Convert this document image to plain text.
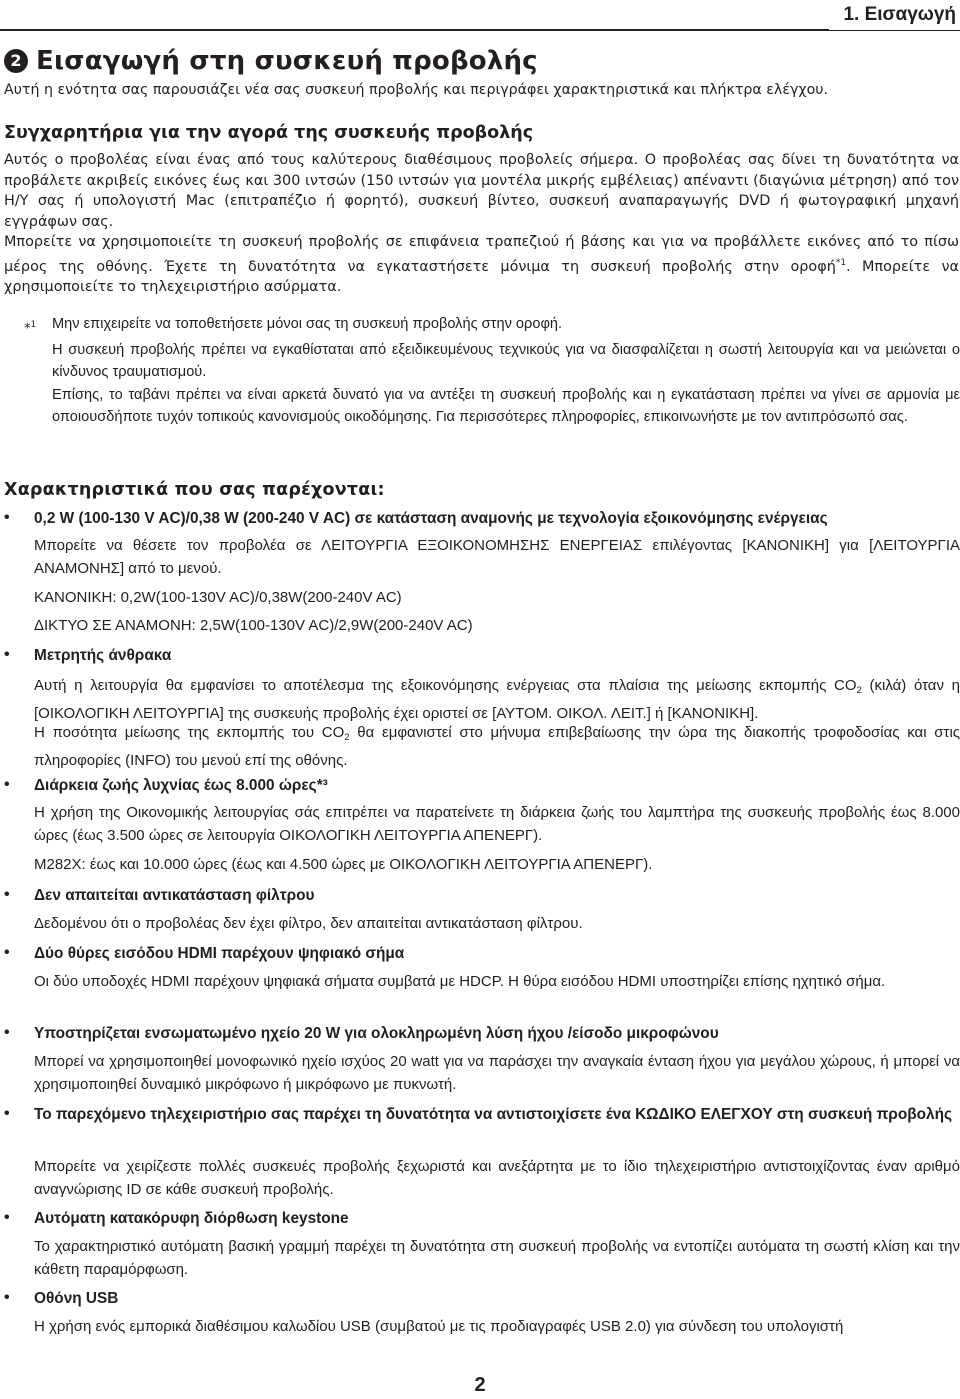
1. Εισαγωγή
2 Εισαγωγή στη συσκευή προβολής
Αυτή η ενότητα σας παρουσιάζει νέα σας συσκευή προβολής και περιγράφει χαρακτηριστικά και πλήκτρα ελέγχου.
Συγχαρητήρια για την αγορά της συσκευής προβολής
Αυτός ο προβολέας είναι ένας από τους καλύτερους διαθέσιμους προβολείς σήμερα. Ο προβολέας σας δίνει τη δυνατότητα να προβάλετε ακριβείς εικόνες έως και 300 ιντσών (150 ιντσών για μοντέλα μικρής εμβέλειας) απέναντι (διαγώνια μέτρηση) από τον Η/Υ σας ή υπολογιστή Mac (επιτραπέζιο ή φορητό), συσκευή βίντεο, συσκευή αναπαραγωγής DVD ή φωτογραφική μηχανή εγγράφων σας.
Μπορείτε να χρησιμοποιείτε τη συσκευή προβολής σε επιφάνεια τραπεζιού ή βάσης και για να προβάλλετε εικόνες από το πίσω μέρος της οθόνης. Έχετε τη δυνατότητα να εγκαταστήσετε μόνιμα τη συσκευή προβολής στην οροφή$^{*1}$. Μπορείτε να χρησιμοποιείτε το τηλεχειριστήριο ασύρματα.
*$^1$ Μην επιχειρείτε να τοποθετήσετε μόνοι σας τη συσκευή προβολής στην οροφή.
Η συσκευή προβολής πρέπει να εγκαθίσταται από εξειδικευμένους τεχνικούς για να διασφαλίζεται η σωστή λειτουργία και να μειώνεται ο κίνδυνος τραυματισμού.
Επίσης, το ταβάνι πρέπει να είναι αρκετά δυνατό για να αντέξει τη συσκευή προβολής και η εγκατάσταση πρέπει να γίνει σε αρμονία με οποιουσδήποτε τυχόν τοπικούς κανονισμούς οικοδόμησης. Για περισσότερες πληροφορίες, επικοινωνήστε με τον αντιπρόσωπό σας.
Χαρακτηριστικά που σας παρέχονται:
• 0,2 W (100-130 V AC)/0,38 W (200-240 V AC) σε κατάσταση αναμονής με τεχνολογία εξοικονόμησης ενέργειας
Μπορείτε να θέσετε τον προβολέα σε ΛΕΙΤΟΥΡΓΙΑ ΕΞΟΙΚΟΝΟΜΗΣΗΣ ΕΝΕΡΓΕΙΑΣ επιλέγοντας [ΚΑΝΟΝΙΚΗ] για [ΛΕΙΤΟΥΡΓΙΑ ΑΝΑΜΟΝΗΣ] από το μενού.
ΚΑΝΟΝΙΚΗ: 0,2W(100-130V AC)/0,38W(200-240V AC)
ΔΙΚΤΥΟ ΣΕ ΑΝΑΜΟΝΗ: 2,5W(100-130V AC)/2,9W(200-240V AC)
• Μετρητής άνθρακα
Αυτή η λειτουργία θα εμφανίσει το αποτέλεσμα της εξοικονόμησης ενέργειας στα πλαίσια της μείωσης εκπομπής $CO_2$ (κιλά) όταν η [ΟΙΚΟΛΟΓΙΚΗ ΛΕΙΤΟΥΡΓΙΑ] της συσκευής προβολής έχει οριστεί σε [ΑΥΤΟΜ. ΟΙΚΟΛ. ΛΕΙΤ.] ή [ΚΑΝΟΝΙΚΗ].
Η ποσότητα μείωσης της εκπομπής του $CO_2$ θα εμφανιστεί στο μήνυμα επιβεβαίωσης την ώρα της διακοπής τροφοδοσίας και στις πληροφορίες (INFO) του μενού επί της οθόνης.
• Διάρκεια ζωής λυχνίας έως 8.000 ώρες*³
Η χρήση της Οικονομικής λειτουργίας σάς επιτρέπει να παρατείνετε τη διάρκεια ζωής του λαμπτήρα της συσκευής προβολής έως 8.000 ώρες (έως 3.500 ώρες σε λειτουργία ΟΙΚΟΛΟΓΙΚΗ ΛΕΙΤΟΥΡΓΙΑ ΑΠΕΝΕΡΓ).
M282X: έως και 10.000 ώρες (έως και 4.500 ώρες με ΟΙΚΟΛΟΓΙΚΗ ΛΕΙΤΟΥΡΓΙΑ ΑΠΕΝΕΡΓ).
• Δεν απαιτείται αντικατάσταση φίλτρου
Δεδομένου ότι ο προβολέας δεν έχει φίλτρο, δεν απαιτείται αντικατάσταση φίλτρου.
• Δύο θύρες εισόδου HDMI παρέχουν ψηφιακό σήμα
Οι δύο υποδοχές HDMI παρέχουν ψηφιακά σήματα συμβατά με HDCP. Η θύρα εισόδου HDMI υποστηρίζει επίσης ηχητικό σήμα.
• Υποστηρίζεται ενσωματωμένο ηχείο 20 W για ολοκληρωμένη λύση ήχου /είσοδο μικροφώνου
Μπορεί να χρησιμοποιηθεί μονοφωνικό ηχείο ισχύος 20 watt για να παράσχει την αναγκαία ένταση ήχου για μεγάλου χώρους, ή μπορεί να χρησιμοποιηθεί δυναμικό μικρόφωνο ή μικρόφωνο με πυκνωτή.
• Το παρεχόμενο τηλεχειριστήριο σας παρέχει τη δυνατότητα να αντιστοιχίσετε ένα ΚΩΔΙΚΟ ΕΛΕΓΧΟΥ στη συσκευή προβολής
Μπορείτε να χειρίζεστε πολλές συσκευές προβολής ξεχωριστά και ανεξάρτητα με το ίδιο τηλεχειριστήριο αντιστοιχίζοντας έναν αριθμό αναγνώρισης ID σε κάθε συσκευή προβολής.
• Αυτόματη κατακόρυφη διόρθωση keystone
Το χαρακτηριστικό αυτόματη βασική γραμμή παρέχει τη δυνατότητα στη συσκευή προβολής να εντοπίζει αυτόματα τη σωστή κλίση και την κάθετη παραμόρφωση.
• Οθόνη USB
Η χρήση ενός εμπορικά διαθέσιμου καλωδίου USB (συμβατού με τις προδιαγραφές USB 2.0) για σύνδεση του υπολογιστή
2
